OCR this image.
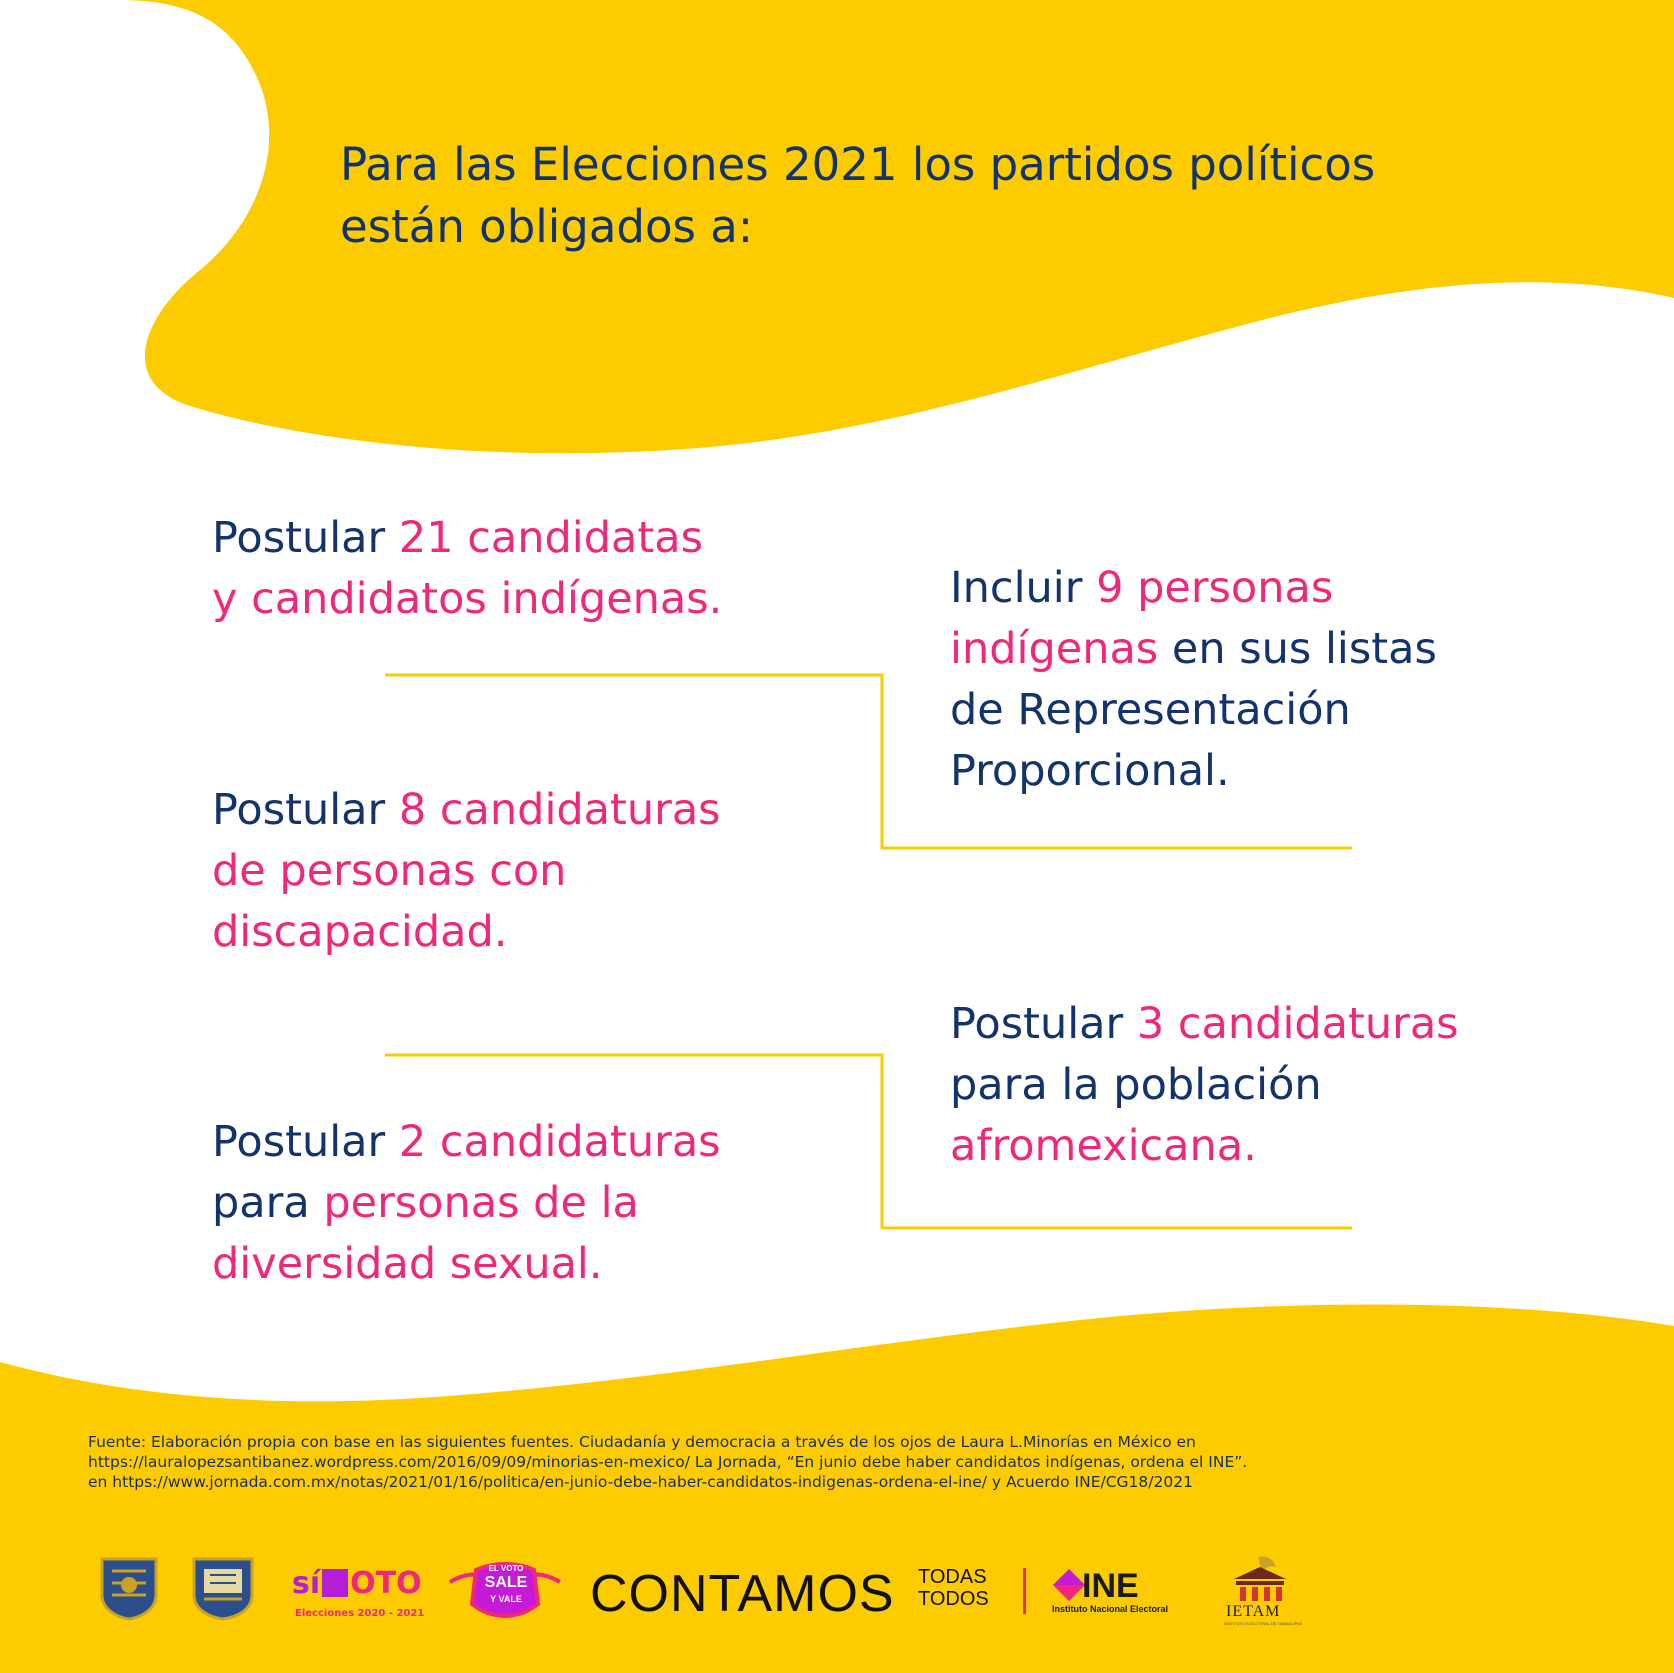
Para las Elecciones 2021 los partidos políticos
están obligados a:
Postular 21 candidatas
y candidatos indígenas.	Incluir 9 personas
indígenas en sus listas
de Representación
Proporcional.
Postular 8 candidaturas
de personas con
discapacidad.
Postular 3 candidaturas
para la población
afromexicana.
Postular 2 candidaturas
para personas de la
diversidad sexual.
Fuente: Elaboración propia con base en las siguientes fuentes. Ciudadanía y democracia a través de los ojos de Laura L.Minorías en México en
https://lauralopezsantibanez.wordpress.com/2016/09/09/minorias-en-mexico/ La Jornada, “En junio debe haber candidatos indígenas, ordena el INE”.
en https://www.jornada.com.mx/notas/2021/01/16/politica/en-junio-debe-haber-candidatos-indigenas-ordena-el-ine/ y Acuerdo INE/CG18/2021
sí OTO
Elecciones 2020 - 2021
EL VOTO
SALE
Y VALE CONTAMOS TODAS
TODOS	INE
Instituto Nacional Electoral	IETAM
INSTITUTO ELECTORAL DE TAMAULIPAS
